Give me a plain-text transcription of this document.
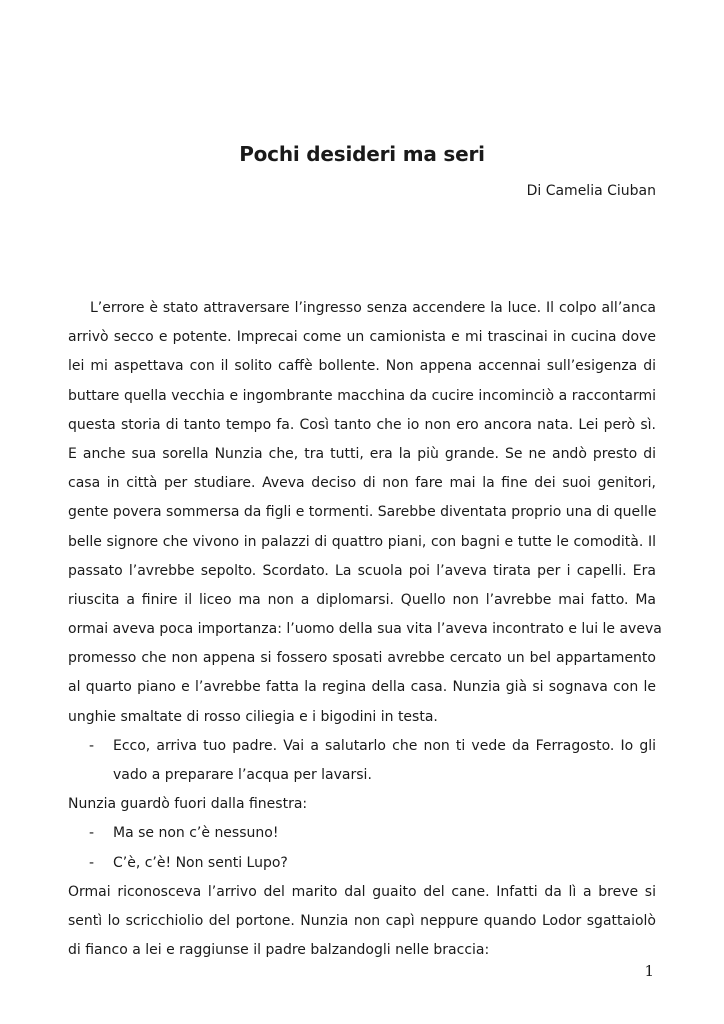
Pochi desideri ma seri
Di Camelia Ciuban
L’errore è stato attraversare l’ingresso senza accendere la luce. Il colpo all’anca
arrivò secco e potente. Imprecai come un camionista e mi trascinai in cucina dove
lei mi aspettava con il solito caffè bollente. Non appena accennai sull’esigenza di
buttare quella vecchia e ingombrante macchina da cucire incominciò a raccontarmi
questa storia di tanto tempo fa. Così tanto che io non ero ancora nata. Lei però sì.
E anche sua sorella Nunzia che, tra tutti, era la più grande. Se ne andò presto di
casa in città per studiare. Aveva deciso di non fare mai la fine dei suoi genitori,
gente povera sommersa da figli e tormenti. Sarebbe diventata proprio una di quelle
belle signore che vivono in palazzi di quattro piani, con bagni e tutte le comodità. Il
passato l’avrebbe sepolto. Scordato. La scuola poi l’aveva tirata per i capelli. Era
riuscita a finire il liceo ma non a diplomarsi. Quello non l’avrebbe mai fatto. Ma
ormai aveva poca importanza: l’uomo della sua vita l’aveva incontrato e lui le aveva
promesso che non appena si fossero sposati avrebbe cercato un bel appartamento
al quarto piano e l’avrebbe fatta la regina della casa. Nunzia già si sognava con le
unghie smaltate di rosso ciliegia e i bigodini in testa.
- Ecco, arriva tuo padre. Vai a salutarlo che non ti vede da Ferragosto. Io gli
vado a preparare l’acqua per lavarsi.
Nunzia guardò fuori dalla finestra:
- Ma se non c’è nessuno!
- C’è, c’è! Non senti Lupo?
Ormai riconosceva l’arrivo del marito dal guaito del cane. Infatti da lì a breve si
sentì lo scricchiolio del portone. Nunzia non capì neppure quando Lodor sgattaiolò
di fianco a lei e raggiunse il padre balzandogli nelle braccia:
1
